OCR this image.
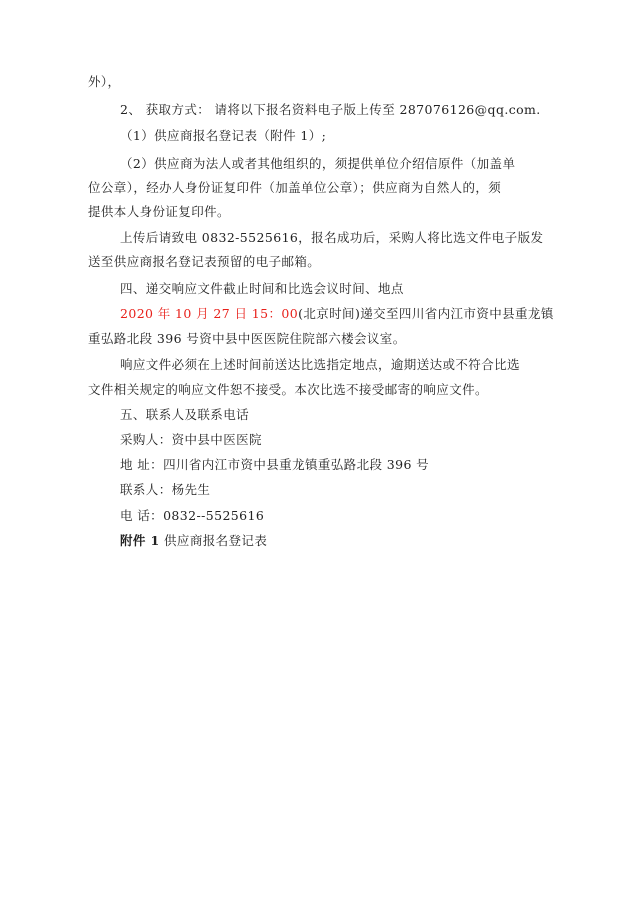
外），
2、 获取方式： 请将以下报名资料电子版上传至 287076126@qq.com.
（1）供应商报名登记表（附件 1）;
（2）供应商为法人或者其他组织的，须提供单位介绍信原件（加盖单
位公章），经办人身份证复印件（加盖单位公章）；供应商为自然人的，须
提供本人身份证复印件。
上传后请致电 0832-5525616，报名成功后，采购人将比选文件电子版发
送至供应商报名登记表预留的电子邮箱。
四、递交响应文件截止时间和比选会议时间、地点
2020 年 10 月 27 日 15：00(北京时间)递交至四川省内江市资中县重龙镇
重弘路北段 396 号资中县中医医院住院部六楼会议室。
响应文件必须在上述时间前送达比选指定地点，逾期送达或不符合比选
文件相关规定的响应文件恕不接受。本次比选不接受邮寄的响应文件。
五、联系人及联系电话
采购人：资中县中医医院
地 址：四川省内江市资中县重龙镇重弘路北段 396 号
联系人：杨先生
电 话：0832--5525616
附件 1 供应商报名登记表
